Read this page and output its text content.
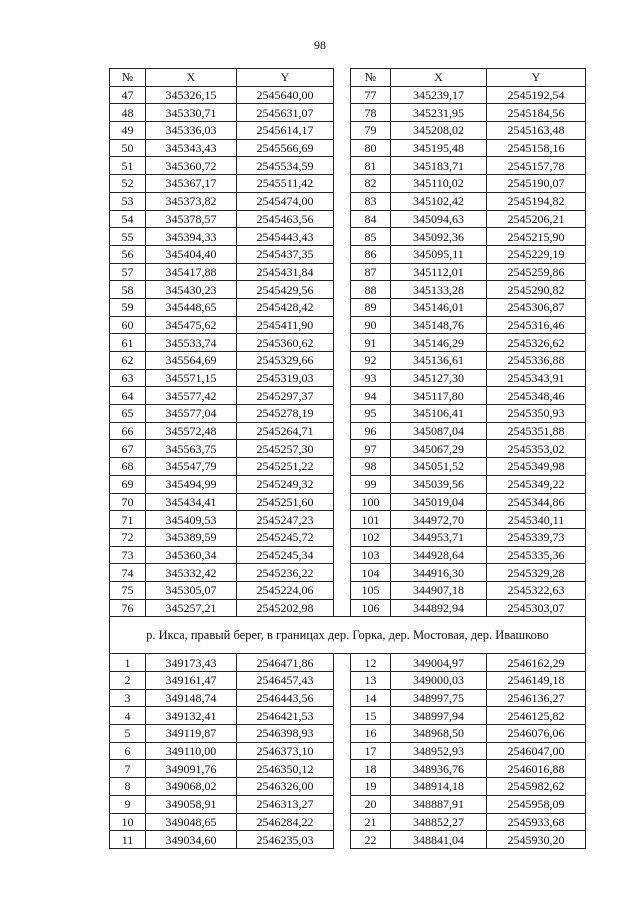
98
№	X	Y		№	X	Y
47	345326,15	2545640,00		77	345239,17	2545192,54
48	345330,71	2545631,07		78	345231,95	2545184,56
49	345336,03	2545614,17		79	345208,02	2545163,48
50	345343,43	2545566,69		80	345195,48	2545158,16
51	345360,72	2545534,59		81	345183,71	2545157,78
52	345367,17	2545511,42		82	345110,02	2545190,07
53	345373,82	2545474,00		83	345102,42	2545194,82
54	345378,57	2545463,56		84	345094,63	2545206,21
55	345394,33	2545443,43		85	345092,36	2545215,90
56	345404,40	2545437,35		86	345095,11	2545229,19
57	345417,88	2545431,84		87	345112,01	2545259,86
58	345430,23	2545429,56		88	345133,28	2545290,82
59	345448,65	2545428,42		89	345146,01	2545306,87
60	345475,62	2545411,90		90	345148,76	2545316,46
61	345533,74	2545360,62		91	345146,29	2545326,62
62	345564,69	2545329,66		92	345136,61	2545336,88
63	345571,15	2545319,03		93	345127,30	2545343,91
64	345577,42	2545297,37		94	345117,80	2545348,46
65	345577,04	2545278,19		95	345106,41	2545350,93
66	345572,48	2545264,71		96	345087,04	2545351,88
67	345563,75	2545257,30		97	345067,29	2545353,02
68	345547,79	2545251,22		98	345051,52	2545349,98
69	345494,99	2545249,32		99	345039,56	2545349,22
70	345434,41	2545251,60		100	345019,04	2545344,86
71	345409,53	2545247,23		101	344972,70	2545340,11
72	345389,59	2545245,72		102	344953,71	2545339,73
73	345360,34	2545245,34		103	344928,64	2545335,36
74	345332,42	2545236,22		104	344916,30	2545329,28
75	345305,07	2545224,06		105	344907,18	2545322,63
76	345257,21	2545202,98		106	344892,94	2545303,07
р. Икса, правый берег, в границах дер. Горка, дер. Мостовая, дер. Ивашково						
1	349173,43	2546471,86		12	349004,97	2546162,29
2	349161,47	2546457,43		13	349000,03	2546149,18
3	349148,74	2546443,56		14	348997,75	2546136,27
4	349132,41	2546421,53		15	348997,94	2546125,82
5	349119,87	2546398,93		16	348968,50	2546076,06
6	349110,00	2546373,10		17	348952,93	2546047,00
7	349091,76	2546350,12		18	348936,76	2546016,88
8	349068,02	2546326,00		19	348914,18	2545982,62
9	349058,91	2546313,27		20	348887,91	2545958,09
10	349048,65	2546284,22		21	348852,27	2545933,68
11	349034,60	2546235,03		22	348841,04	2545930,20
